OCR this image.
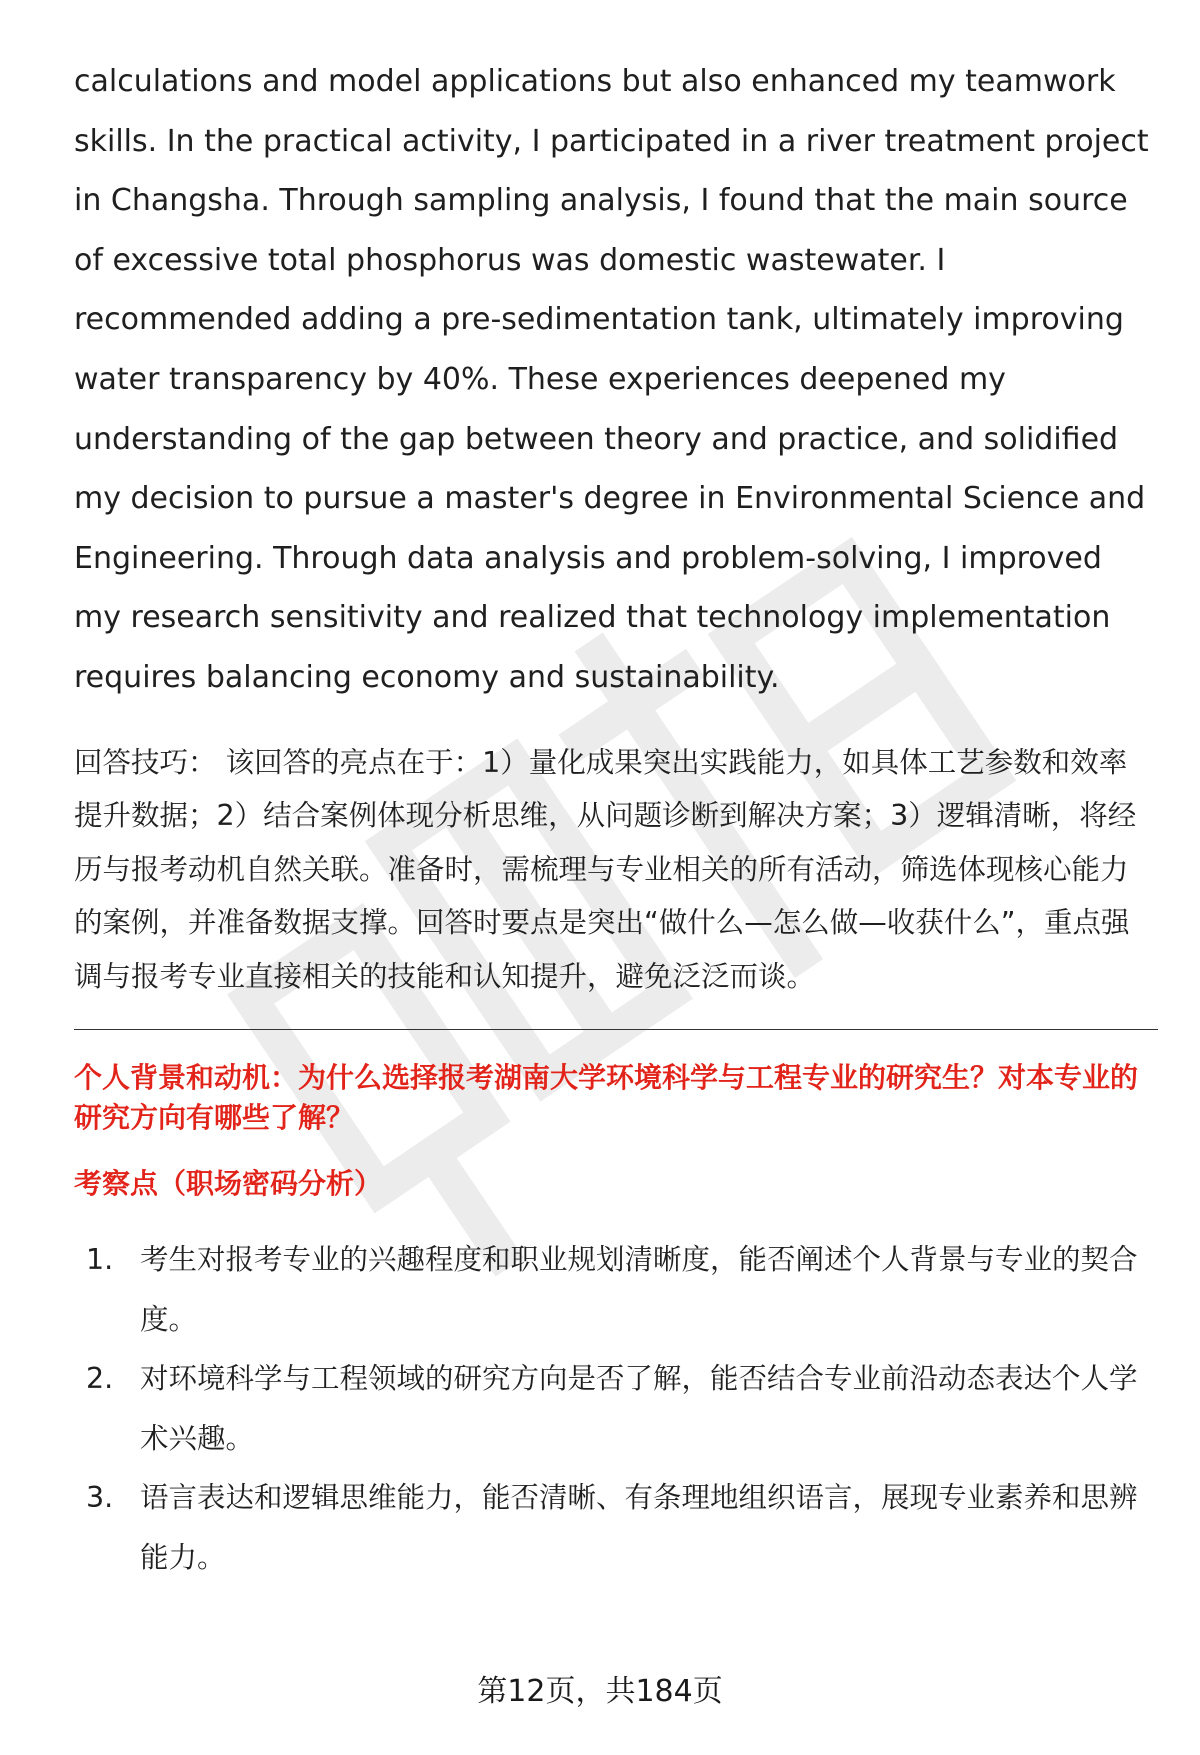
calculations and model applications but also enhanced my teamwork skills. In the practical activity, I participated in a river treatment project in Changsha. Through sampling analysis, I found that the main source of excessive total phosphorus was domestic wastewater. I recommended adding a pre-sedimentation tank, ultimately improving water transparency by 40%. These experiences deepened my understanding of the gap between theory and practice, and solidified my decision to pursue a master's degree in Environmental Science and Engineering. Through data analysis and problem-solving, I improved my research sensitivity and realized that technology implementation requires balancing economy and sustainability.

回答技巧： 该回答的亮点在于：1）量化成果突出实践能力，如具体工艺参数和效率提升数据；2）结合案例体现分析思维，从问题诊断到解决方案；3）逻辑清晰，将经历与报考动机自然关联。准备时，需梳理与专业相关的所有活动，筛选体现核心能力的案例，并准备数据支撑。回答时要点是突出“做什么—怎么做—收获什么”，重点强调与报考专业直接相关的技能和认知提升，避免泛泛而谈。
个人背景和动机：为什么选择报考湖南大学环境科学与工程专业的研究生？对本专业的研究方向有哪些了解？
考察点（职场密码分析）
1. 考生对报考专业的兴趣程度和职业规划清晰度，能否阐述个人背景与专业的契合度。
2. 对环境科学与工程领域的研究方向是否了解，能否结合专业前沿动态表达个人学术兴趣。
3. 语言表达和逻辑思维能力，能否清晰、有条理地组织语言，展现专业素养和思辨能力。
第12页，共184页
